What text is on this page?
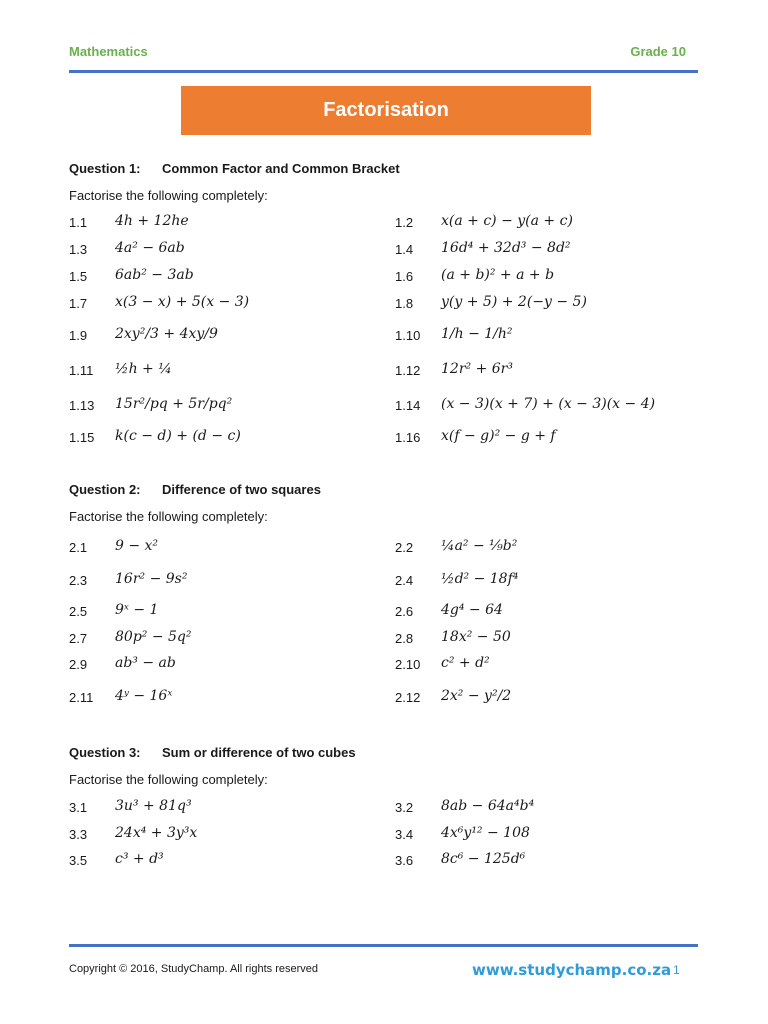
Mathematics	Grade 10
Factorisation
Question 1: Common Factor and Common Bracket
Factorise the following completely:
1.1 4h + 12he	1.2 x(a + c) − y(a + c)
1.3 4a² − 6ab	1.4 16d⁴ + 32d³ − 8d²
1.5 6ab² − 3ab	1.6 (a + b)² + a + b
1.7 x(3 − x) + 5(x − 3)	1.8 y(y + 5) + 2(−y − 5)
1.9 2xy²/3 + 4xy/9	1.10 1/h − 1/h²
1.11 ½h + ¼	1.12 12r² + 6r³
1.13 15r²/pq + 5r/pq²	1.14 (x − 3)(x + 7) + (x − 3)(x − 4)
1.15 k(c − d) + (d − c)	1.16 x(f − g)² − g + f
Question 2: Difference of two squares
Factorise the following completely:
2.1 9 − x²	2.2 ¼a² − ⅑b²
2.3 16r² − 9s²	2.4 ½d² − 18f⁴
2.5 9ˣ − 1	2.6 4g⁴ − 64
2.7 80p² − 5q²	2.8 18x² − 50
2.9 ab³ − ab	2.10 c² + d²
2.11 4ʸ − 16ˣ	2.12 2x² − y²/2
Question 3: Sum or difference of two cubes
Factorise the following completely:
3.1 3u³ + 81q³	3.2 8ab − 64a⁴b⁴
3.3 24x⁴ + 3y³x	3.4 4x⁶y¹² − 108
3.5 c³ + d³	3.6 8c⁶ − 125d⁶
Copyright © 2016, StudyChamp. All rights reserved	www.studychamp.co.za 1
